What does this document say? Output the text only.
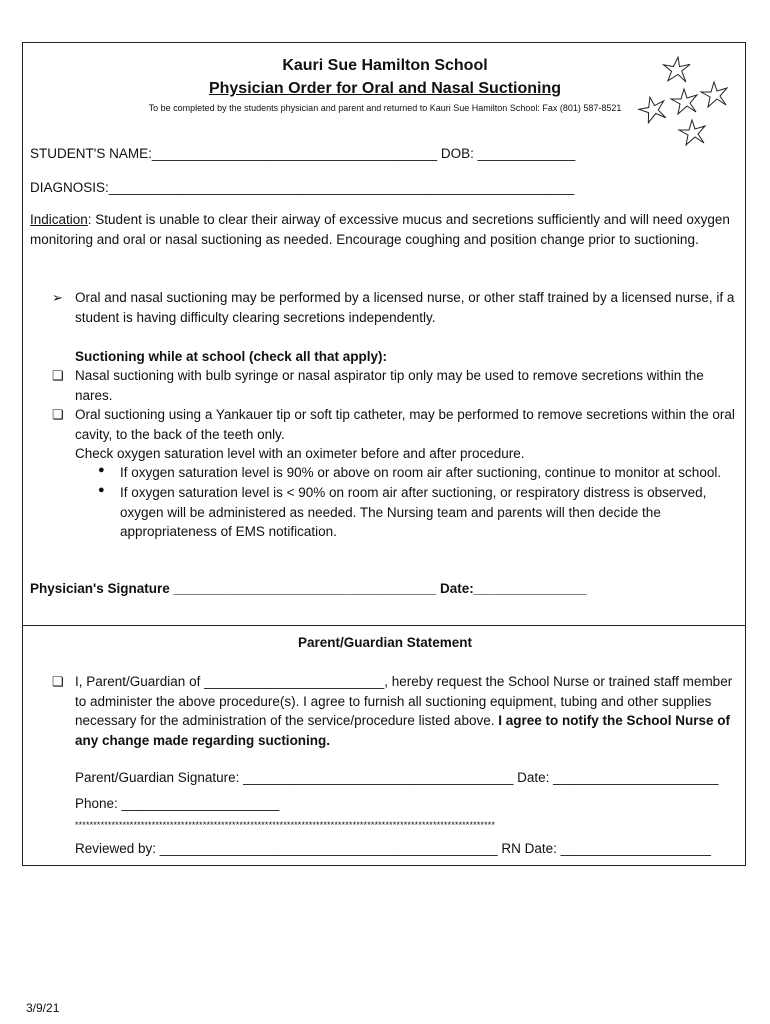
Kauri Sue Hamilton School
Physician Order for Oral and Nasal Suctioning
To be completed by the students physician and parent and returned to Kauri Sue Hamilton School: Fax (801) 587-8521
STUDENT'S NAME:______________________________________ DOB: _____________
DIAGNOSIS:______________________________________________________________
Indication: Student is unable to clear their airway of excessive mucus and secretions sufficiently and will need oxygen monitoring and oral or nasal suctioning as needed. Encourage coughing and position change prior to suctioning.
➢ Oral and nasal suctioning may be performed by a licensed nurse, or other staff trained by a licensed nurse, if a student is having difficulty clearing secretions independently.
Suctioning while at school (check all that apply):
❏ Nasal suctioning with bulb syringe or nasal aspirator tip only may be used to remove secretions within the nares.
❏ Oral suctioning using a Yankauer tip or soft tip catheter, may be performed to remove secretions within the oral cavity, to the back of the teeth only.
Check oxygen saturation level with an oximeter before and after procedure.
● If oxygen saturation level is 90% or above on room air after suctioning, continue to monitor at school.
● If oxygen saturation level is < 90% on room air after suctioning, or respiratory distress is observed, oxygen will be administered as needed. The Nursing team and parents will then decide the appropriateness of EMS notification.
Physician's Signature ___________________________________ Date:_______________
Parent/Guardian Statement
❏ I, Parent/Guardian of ________________________, hereby request the School Nurse or trained staff member to administer the above procedure(s). I agree to furnish all suctioning equipment, tubing and other supplies necessary for the administration of the service/procedure listed above. I agree to notify the School Nurse of any change made regarding suctioning.
Parent/Guardian Signature: ____________________________________ Date: ______________________
Phone: _____________________
*******************************************************************************************************************
Reviewed by: _____________________________________________ RN Date: ____________________
3/9/21
